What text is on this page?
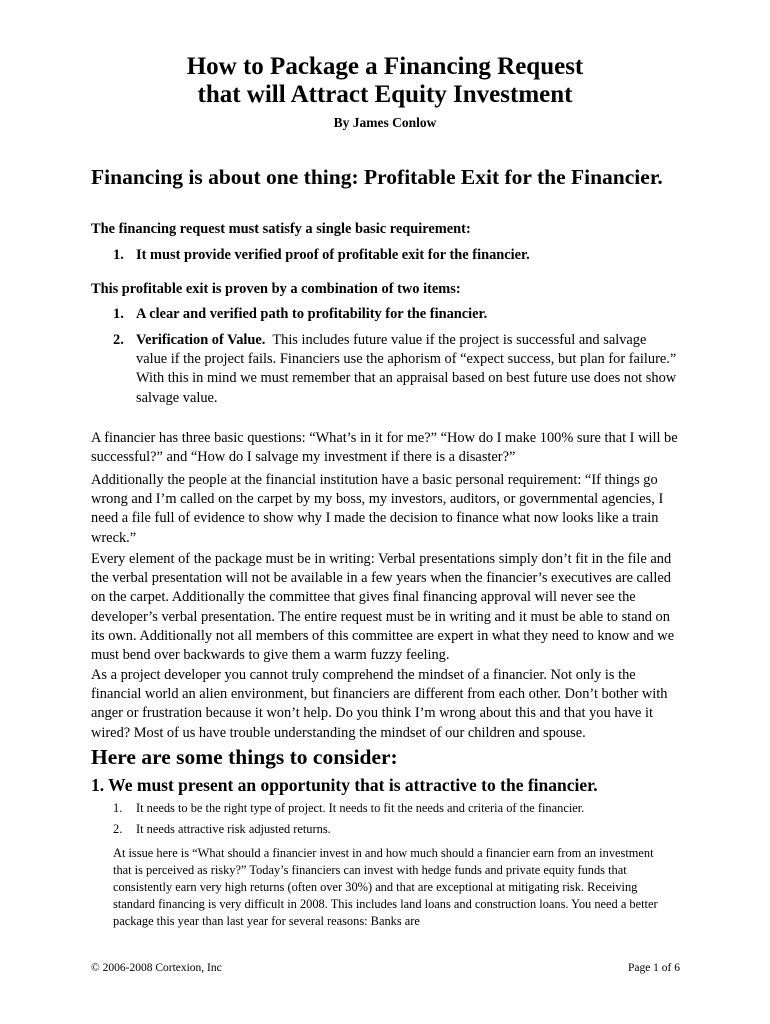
How to Package a Financing Request
that will Attract Equity Investment
By James Conlow
Financing is about one thing: Profitable Exit for the Financier.
The financing request must satisfy a single basic requirement:
1. It must provide verified proof of profitable exit for the financier.
This profitable exit is proven by a combination of two items:
1. A clear and verified path to profitability for the financier.
2. Verification of Value. This includes future value if the project is successful and salvage value if the project fails. Financiers use the aphorism of “expect success, but plan for failure.” With this in mind we must remember that an appraisal based on best future use does not show salvage value.
A financier has three basic questions: “What’s in it for me?” “How do I make 100% sure that I will be successful?” and “How do I salvage my investment if there is a disaster?”
Additionally the people at the financial institution have a basic personal requirement: “If things go wrong and I’m called on the carpet by my boss, my investors, auditors, or governmental agencies, I need a file full of evidence to show why I made the decision to finance what now looks like a train wreck.”
Every element of the package must be in writing: Verbal presentations simply don’t fit in the file and the verbal presentation will not be available in a few years when the financier’s executives are called on the carpet. Additionally the committee that gives final financing approval will never see the developer’s verbal presentation. The entire request must be in writing and it must be able to stand on its own. Additionally not all members of this committee are expert in what they need to know and we must bend over backwards to give them a warm fuzzy feeling.
As a project developer you cannot truly comprehend the mindset of a financier. Not only is the financial world an alien environment, but financiers are different from each other. Don’t bother with anger or frustration because it won’t help. Do you think I’m wrong about this and that you have it wired? Most of us have trouble understanding the mindset of our children and spouse.
Here are some things to consider:
1. We must present an opportunity that is attractive to the financier.
1. It needs to be the right type of project. It needs to fit the needs and criteria of the financier.
2. It needs attractive risk adjusted returns.
At issue here is “What should a financier invest in and how much should a financier earn from an investment that is perceived as risky?” Today’s financiers can invest with hedge funds and private equity funds that consistently earn very high returns (often over 30%) and that are exceptional at mitigating risk. Receiving standard financing is very difficult in 2008. This includes land loans and construction loans. You need a better package this year than last year for several reasons: Banks are
© 2006-2008 Cortexion, Inc	Page 1 of 6
